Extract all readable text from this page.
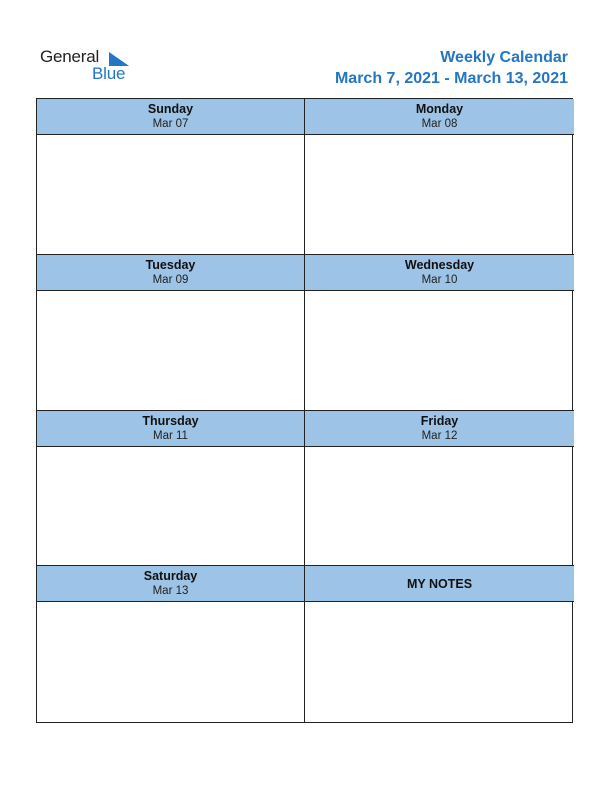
General
Blue
Weekly Calendar
March 7, 2021 - March 13, 2021
Sunday
Mar 07
Monday
Mar 08
Tuesday
Mar 09
Wednesday
Mar 10
Thursday
Mar 11
Friday
Mar 12
Saturday
Mar 13
MY NOTES
